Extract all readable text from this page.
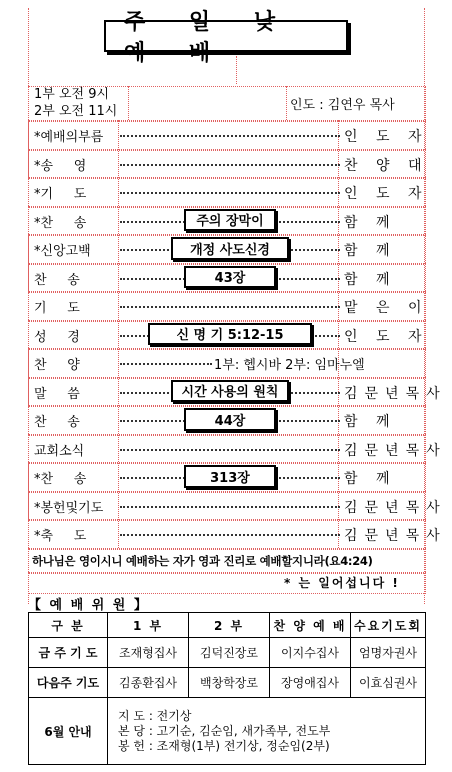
주 일 낮 예 배
1부 오전 9시
2부 오전 11시	인도 : 김연우 목사
*예배의부름	인 도 자
*송     영	찬 양 대
*기     도	인 도 자
*찬     송	주의 장막이	함 께
*신앙고백	개정 사도신경	함 께
찬     송	43장	함 께
기     도	맡 은 이
성     경	신 명 기 5:12-15	인 도 자
찬     양	1부: 헵시바 2부: 임마누엘
말     씀	시간 사용의 원칙	김문년목사
찬     송	44장	함 께
교회소식	김문년목사
*찬     송	313장	함 께
*봉헌및기도	김문년목사
*축     도	김문년목사
하나님은 영이시니 예배하는 자가 영과 진리로 예배할지니라(요4:24)
* 는 일어섭니다 !
【 예 배 위 원 】
구 분	1 부	2 부	찬 양 예 배	수요기도회
금 주 기 도	조재형집사	김덕진장로	이지수집사	엄명자권사
다음주 기도	김종환집사	백창학장로	장영애집사	이효심권사
6월 안내	지 도 : 전기상
본 당 : 고기순, 김순임, 새가족부, 전도부
봉 헌 : 조재형(1부) 전기상, 정순임(2부)			
